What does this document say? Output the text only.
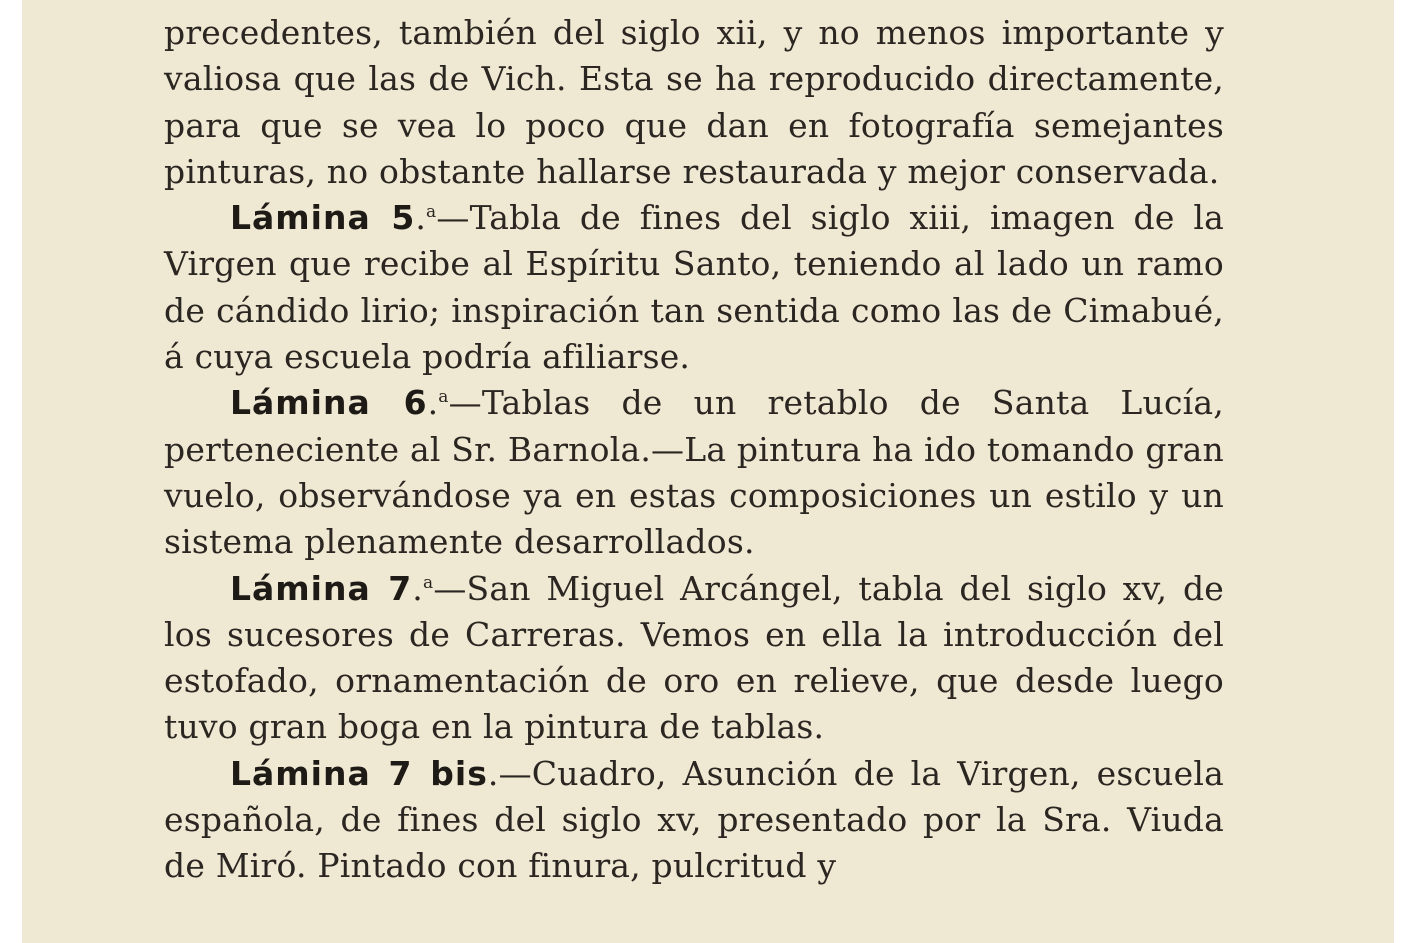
precedentes, también del siglo xii, y no menos importante y valiosa que las de Vich. Esta se ha reproducido directamente, para que se vea lo poco que dan en fotografía semejantes pinturas, no obstante hallarse restaurada y mejor conservada.

Lámina 5.$^a$—Tabla de fines del siglo xiii, imagen de la Virgen que recibe al Espíritu Santo, teniendo al lado un ramo de cándido lirio; inspiración tan sentida como las de Cimabué, á cuya escuela podría afiliarse.

Lámina 6.$^a$—Tablas de un retablo de Santa Lucía, perteneciente al Sr. Barnola.—La pintura ha ido tomando gran vuelo, observándose ya en estas composiciones un estilo y un sistema plenamente desarrollados.

Lámina 7.$^a$—San Miguel Arcángel, tabla del siglo xv, de los sucesores de Carreras. Vemos en ella la introducción del estofado, ornamentación de oro en relieve, que desde luego tuvo gran boga en la pintura de tablas.

Lámina 7 bis.—Cuadro, Asunción de la Virgen, escuela española, de fines del siglo xv, presentado por la Sra. Viuda de Miró. Pintado con finura, pulcritud y
